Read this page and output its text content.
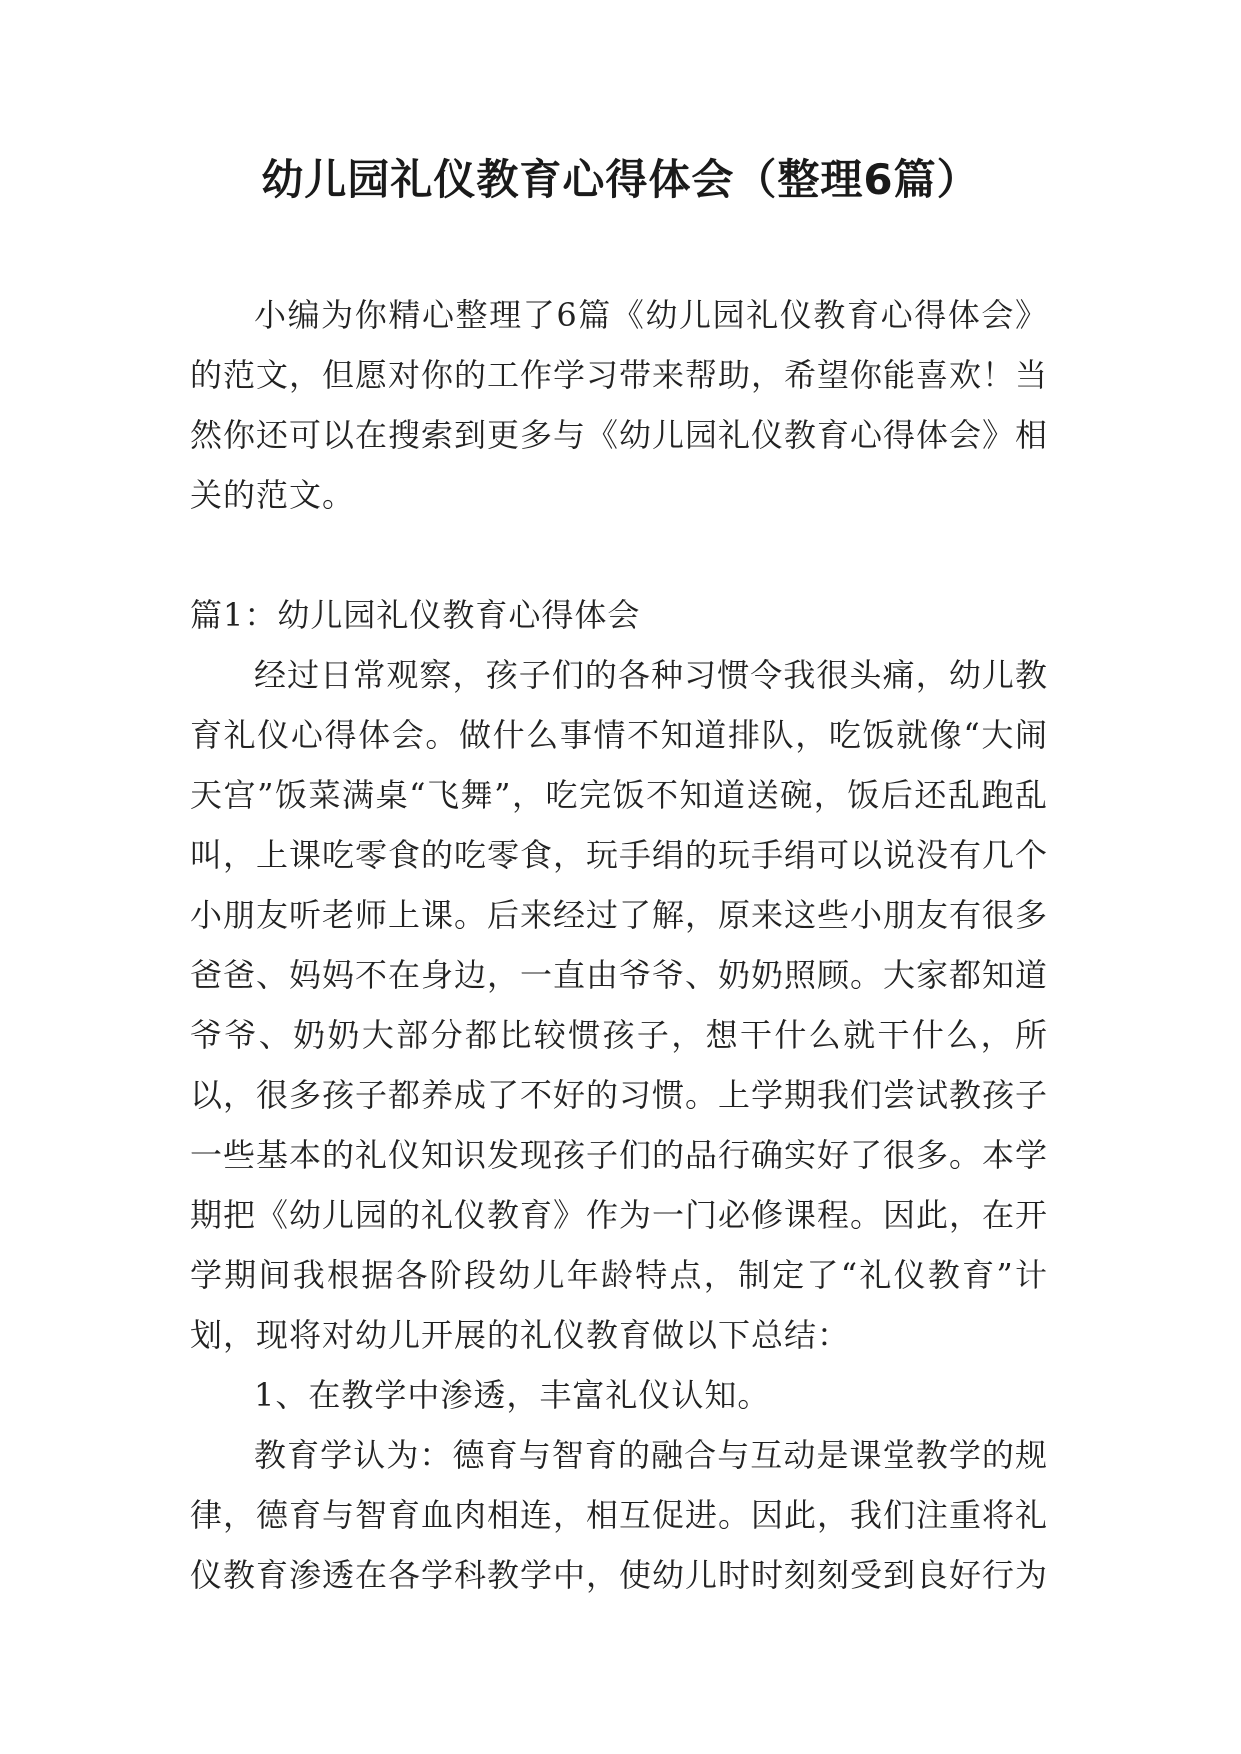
幼儿园礼仪教育心得体会（整理6篇）

小编为你精心整理了6篇《幼儿园礼仪教育心得体会》的范文，但愿对你的工作学习带来帮助，希望你能喜欢！当然你还可以在搜索到更多与《幼儿园礼仪教育心得体会》相关的范文。

篇1：幼儿园礼仪教育心得体会

经过日常观察，孩子们的各种习惯令我很头痛，幼儿教育礼仪心得体会。做什么事情不知道排队，吃饭就像“大闹天宫”饭菜满桌“飞舞”，吃完饭不知道送碗，饭后还乱跑乱叫，上课吃零食的吃零食，玩手绢的玩手绢可以说没有几个小朋友听老师上课。后来经过了解，原来这些小朋友有很多爸爸、妈妈不在身边，一直由爷爷、奶奶照顾。大家都知道爷爷、奶奶大部分都比较惯孩子，想干什么就干什么，所以，很多孩子都养成了不好的习惯。上学期我们尝试教孩子一些基本的礼仪知识发现孩子们的品行确实好了很多。本学期把《幼儿园的礼仪教育》作为一门必修课程。因此，在开学期间我根据各阶段幼儿年龄特点，制定了“礼仪教育”计划，现将对幼儿开展的礼仪教育做以下总结：

1、在教学中渗透，丰富礼仪认知。

教育学认为：德育与智育的融合与互动是课堂教学的规律，德育与智育血肉相连，相互促进。因此，我们注重将礼仪教育渗透在各学科教学中，使幼儿时时刻刻受到良好行为
